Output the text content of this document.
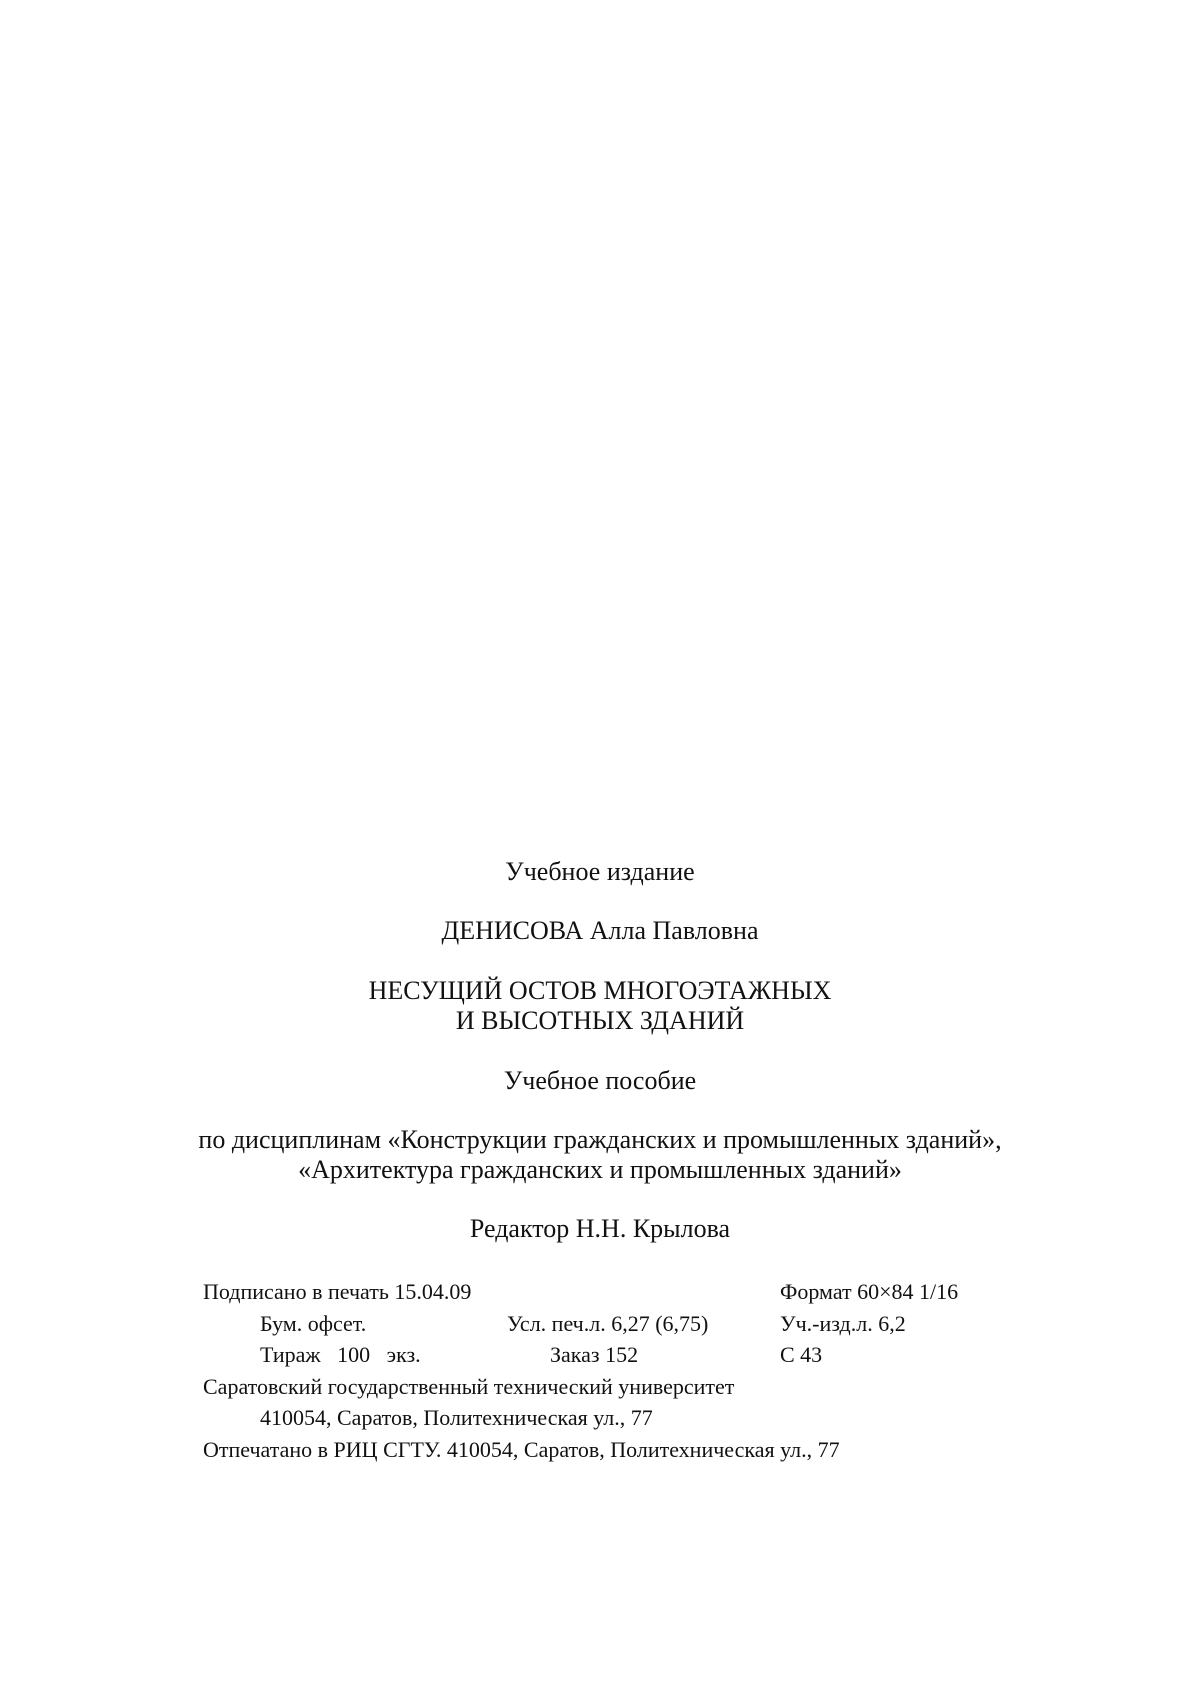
Учебное издание
ДЕНИСОВА Алла Павловна
НЕСУЩИЙ ОСТОВ МНОГОЭТАЖНЫХ
И ВЫСОТНЫХ ЗДАНИЙ
Учебное пособие
по дисциплинам «Конструкции гражданских и промышленных зданий»,
«Архитектура гражданских и промышленных зданий»
Редактор Н.Н. Крылова
Подписано в печать 15.04.09	Формат 60×84 1/16
Бум. офсет.	Усл. печ.л. 6,27 (6,75)	Уч.-изд.л. 6,2
Тираж   100   экз.	Заказ 152	С 43
Саратовский государственный технический университет
410054, Саратов, Политехническая ул., 77
Отпечатано в РИЦ СГТУ. 410054, Саратов, Политехническая ул., 77
